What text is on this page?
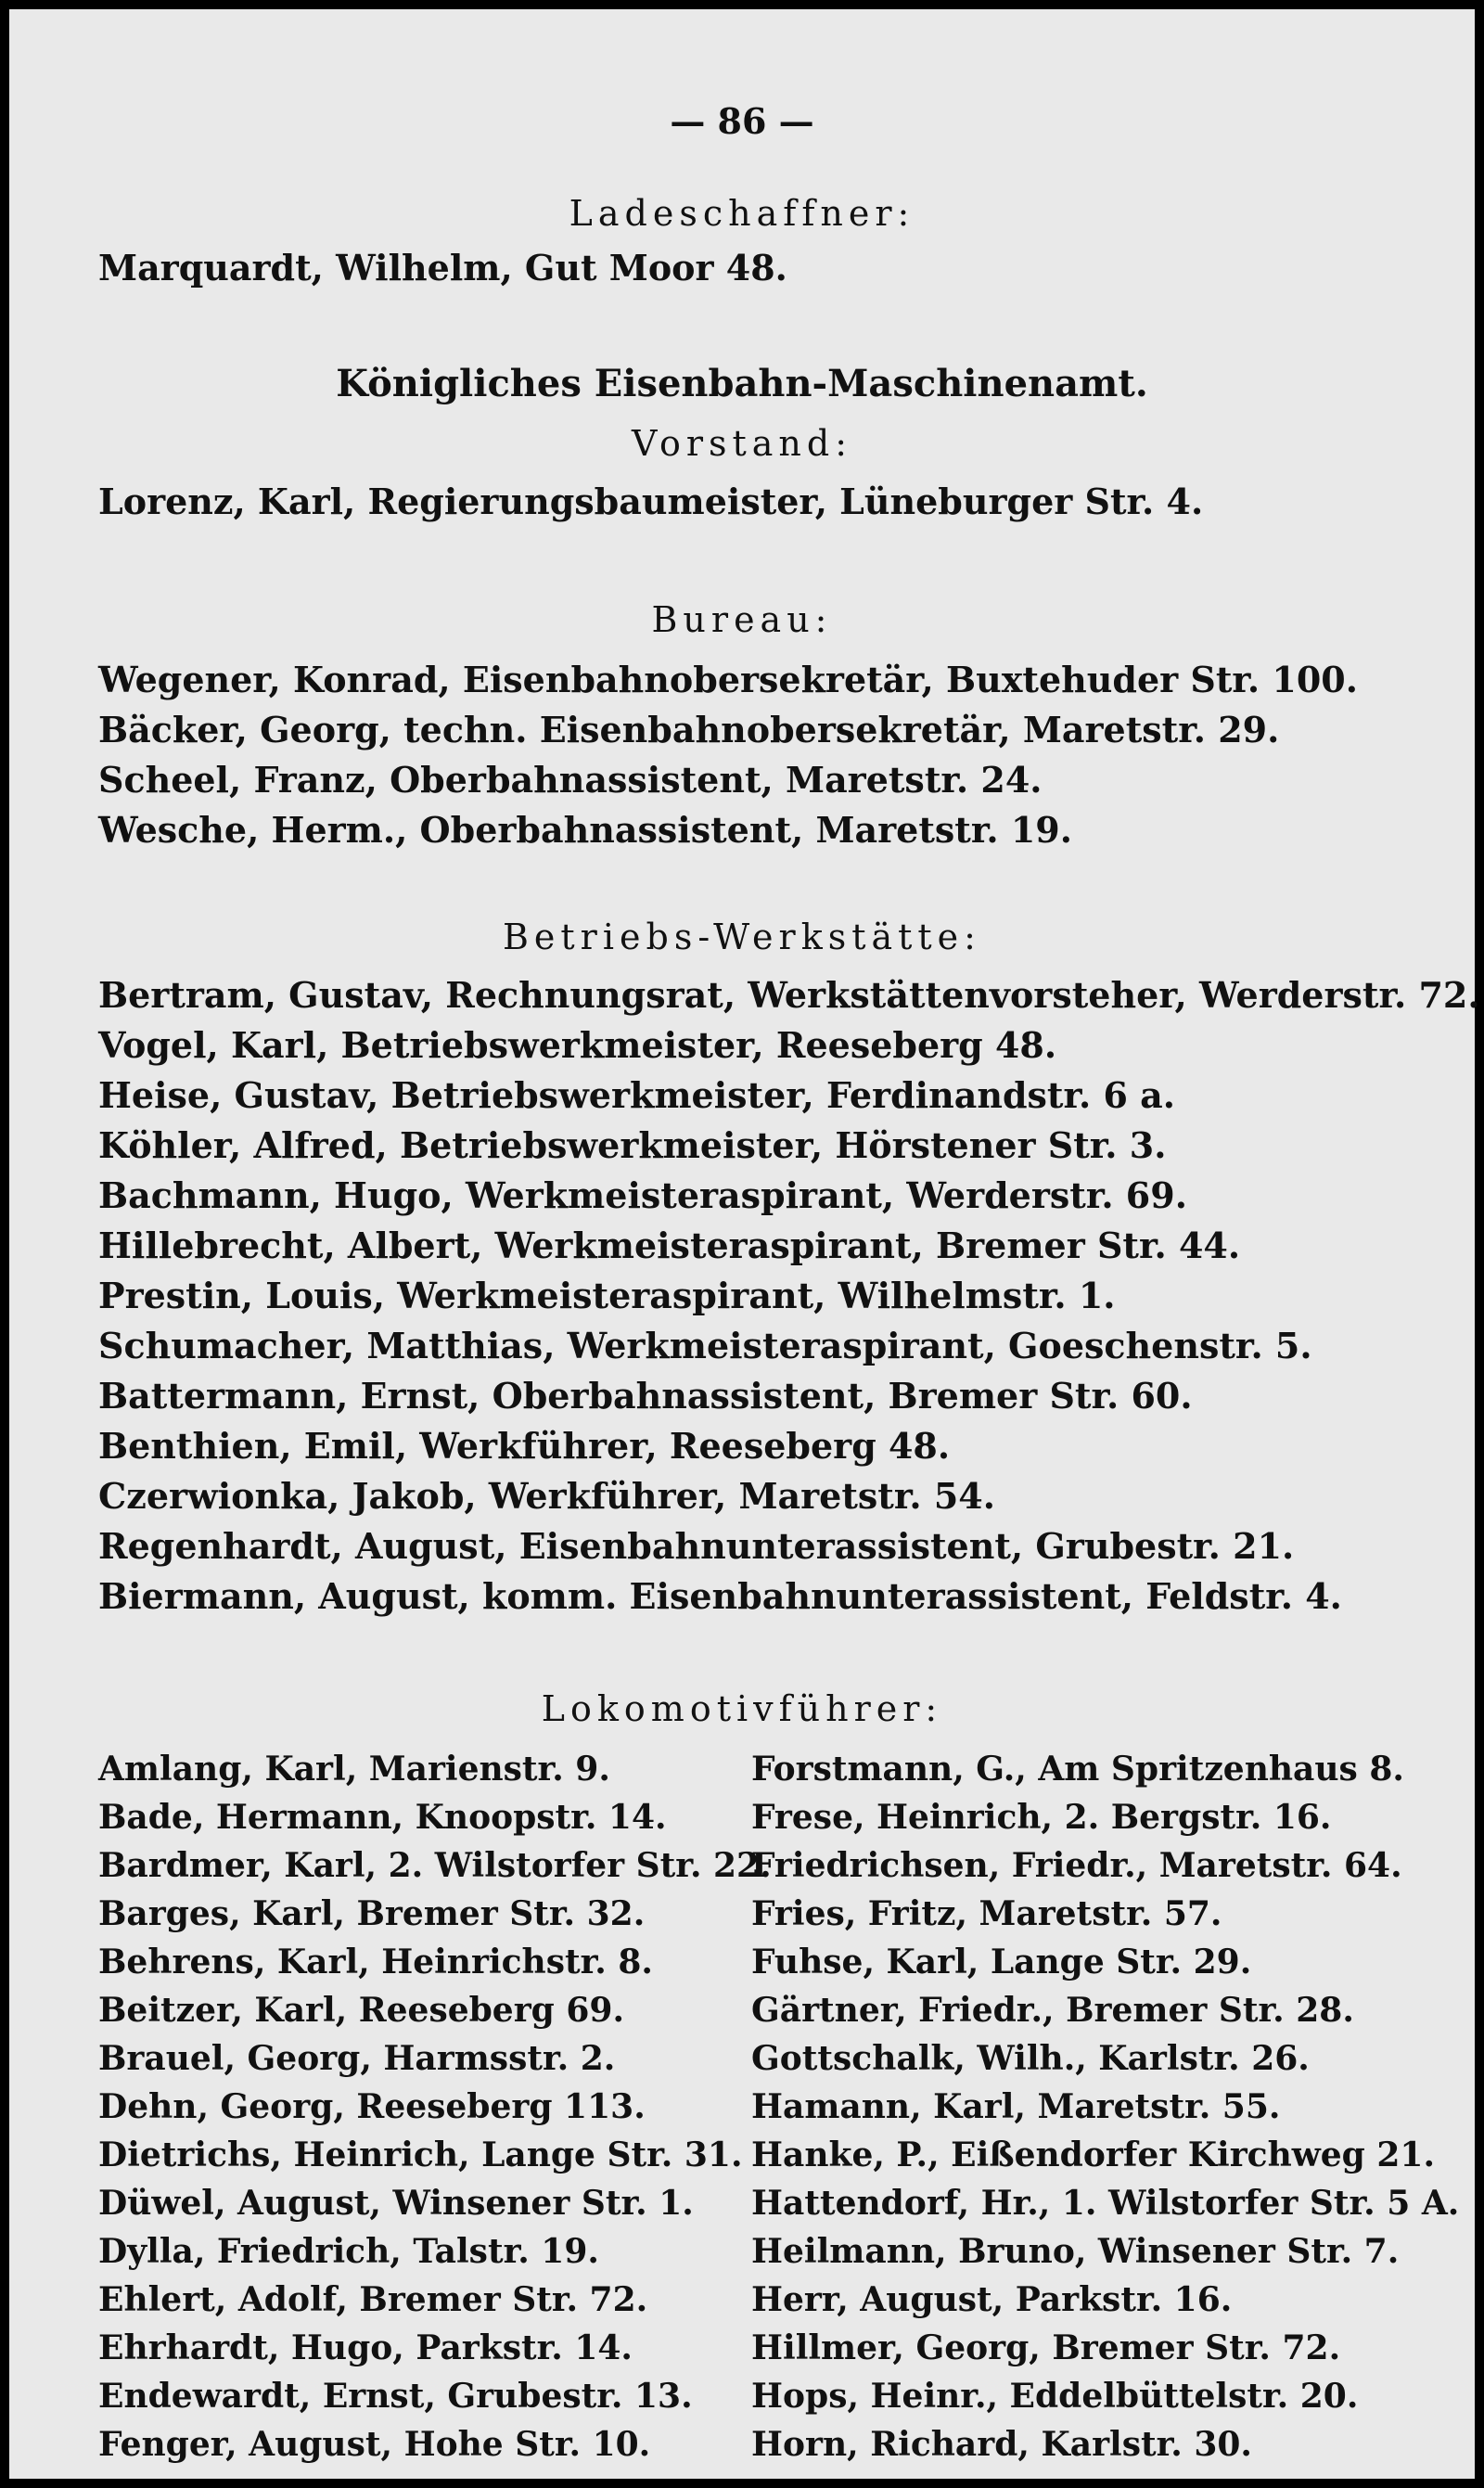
— 86 —
Ladeschaffner:
Marquardt, Wilhelm, Gut Moor 48.
Königliches Eisenbahn-Maschinenamt.
Vorstand:
Lorenz, Karl, Regierungsbaumeister, Lüneburger Str. 4.
Bureau:
Wegener, Konrad, Eisenbahnobersekretär, Buxtehuder Str. 100.
Bäcker, Georg, techn. Eisenbahnobersekretär, Maretstr. 29.
Scheel, Franz, Oberbahnassistent, Maretstr. 24.
Wesche, Herm., Oberbahnassistent, Maretstr. 19.
Betriebs-Werkstätte:
Bertram, Gustav, Rechnungsrat, Werkstättenvorsteher, Werderstr. 72.
Vogel, Karl, Betriebswerkmeister, Reeseberg 48.
Heise, Gustav, Betriebswerkmeister, Ferdinandstr. 6 a.
Köhler, Alfred, Betriebswerkmeister, Hörstener Str. 3.
Bachmann, Hugo, Werkmeisteraspirant, Werderstr. 69.
Hillebrecht, Albert, Werkmeisteraspirant, Bremer Str. 44.
Prestin, Louis, Werkmeisteraspirant, Wilhelmstr. 1.
Schumacher, Matthias, Werkmeisteraspirant, Goeschenstr. 5.
Battermann, Ernst, Oberbahnassistent, Bremer Str. 60.
Benthien, Emil, Werkführer, Reeseberg 48.
Czerwionka, Jakob, Werkführer, Maretstr. 54.
Regenhardt, August, Eisenbahnunterassistent, Grubestr. 21.
Biermann, August, komm. Eisenbahnunterassistent, Feldstr. 4.
Lokomotivführer:
Amlang, Karl, Marienstr. 9.
Bade, Hermann, Knoopstr. 14.
Bardmer, Karl, 2. Wilstorfer Str. 22.
Barges, Karl, Bremer Str. 32.
Behrens, Karl, Heinrichstr. 8.
Beitzer, Karl, Reeseberg 69.
Brauel, Georg, Harmsstr. 2.
Dehn, Georg, Reeseberg 113.
Dietrichs, Heinrich, Lange Str. 31.
Düwel, August, Winsener Str. 1.
Dylla, Friedrich, Talstr. 19.
Ehlert, Adolf, Bremer Str. 72.
Ehrhardt, Hugo, Parkstr. 14.
Endewardt, Ernst, Grubestr. 13.
Fenger, August, Hohe Str. 10.
Forstmann, G., Am Spritzenhaus 8.
Frese, Heinrich, 2. Bergstr. 16.
Friedrichsen, Friedr., Maretstr. 64.
Fries, Fritz, Maretstr. 57.
Fuhse, Karl, Lange Str. 29.
Gärtner, Friedr., Bremer Str. 28.
Gottschalk, Wilh., Karlstr. 26.
Hamann, Karl, Maretstr. 55.
Hanke, P., Eißendorfer Kirchweg 21.
Hattendorf, Hr., 1. Wilstorfer Str. 5 A.
Heilmann, Bruno, Winsener Str. 7.
Herr, August, Parkstr. 16.
Hillmer, Georg, Bremer Str. 72.
Hops, Heinr., Eddelbüttelstr. 20.
Horn, Richard, Karlstr. 30.
